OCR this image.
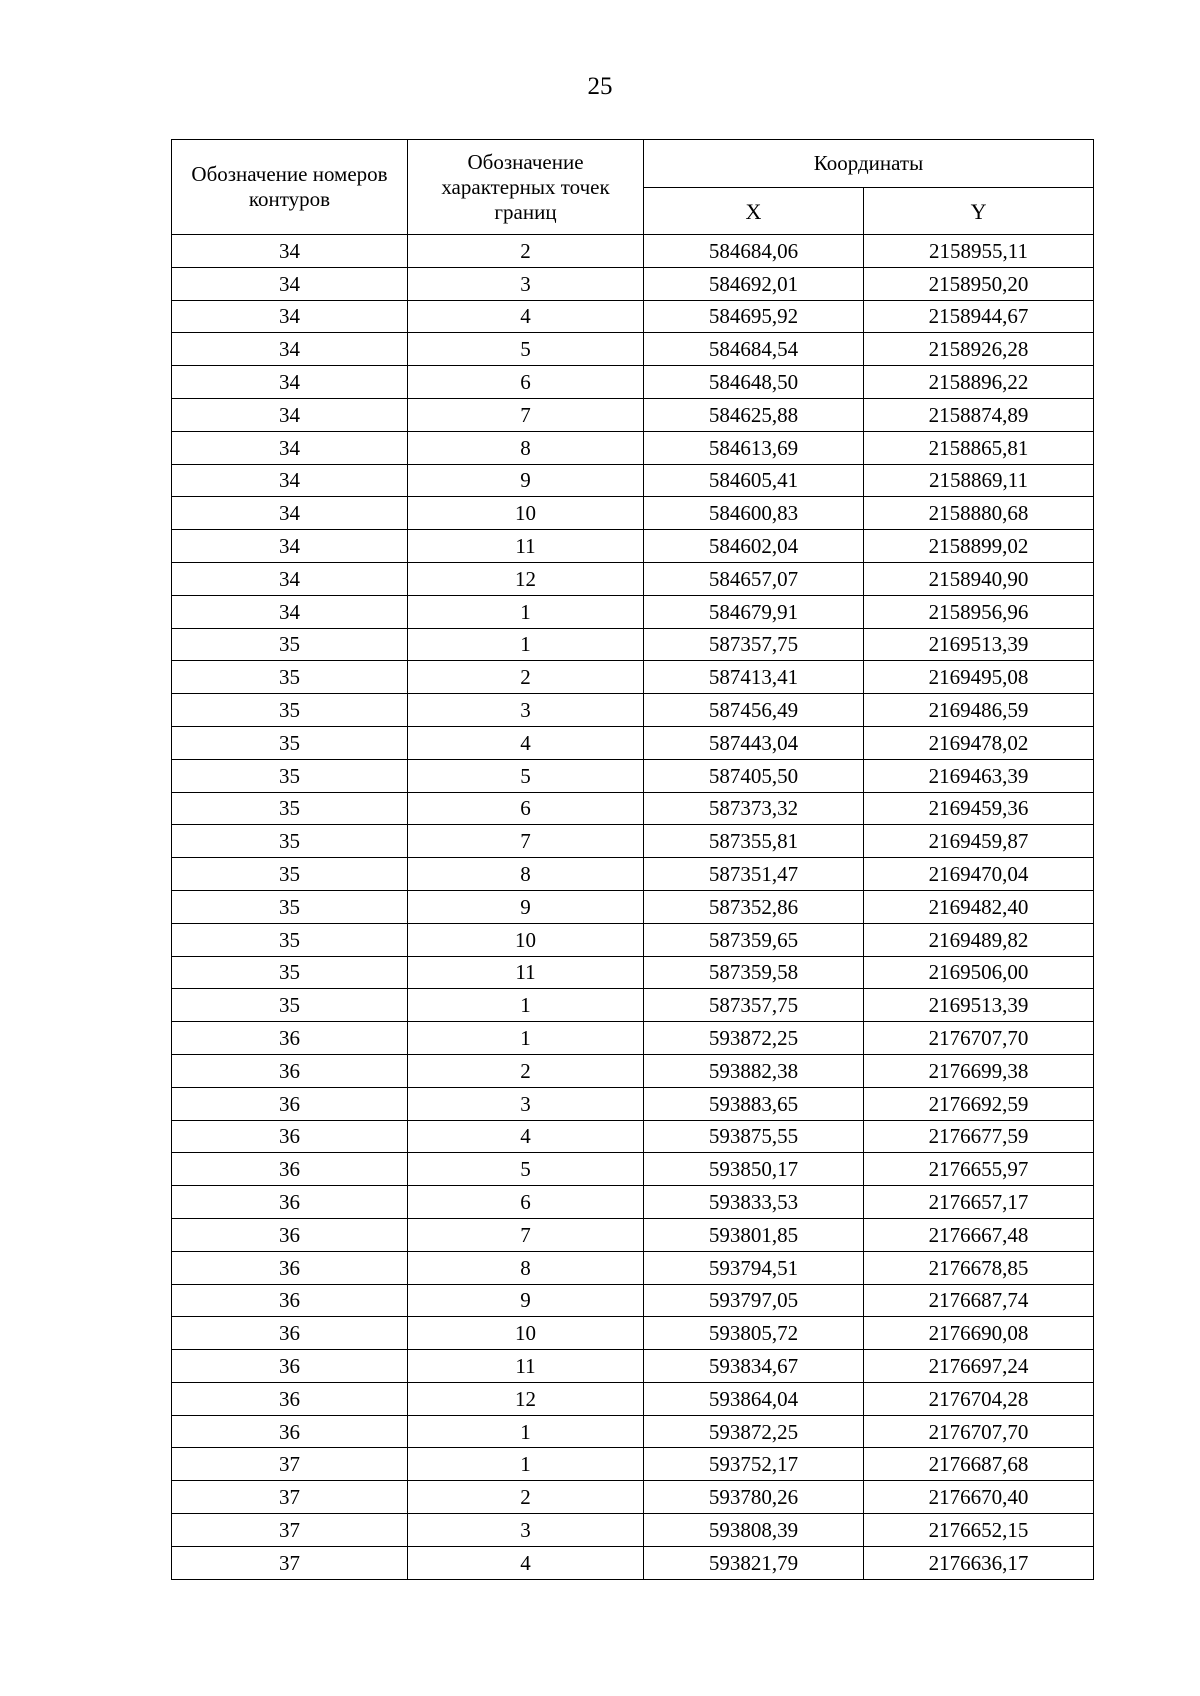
25
Обозначение номеров контуров	Обозначение характерных точек границ	Координаты	
		X	Y
34	2	584684,06	2158955,11
34	3	584692,01	2158950,20
34	4	584695,92	2158944,67
34	5	584684,54	2158926,28
34	6	584648,50	2158896,22
34	7	584625,88	2158874,89
34	8	584613,69	2158865,81
34	9	584605,41	2158869,11
34	10	584600,83	2158880,68
34	11	584602,04	2158899,02
34	12	584657,07	2158940,90
34	1	584679,91	2158956,96
35	1	587357,75	2169513,39
35	2	587413,41	2169495,08
35	3	587456,49	2169486,59
35	4	587443,04	2169478,02
35	5	587405,50	2169463,39
35	6	587373,32	2169459,36
35	7	587355,81	2169459,87
35	8	587351,47	2169470,04
35	9	587352,86	2169482,40
35	10	587359,65	2169489,82
35	11	587359,58	2169506,00
35	1	587357,75	2169513,39
36	1	593872,25	2176707,70
36	2	593882,38	2176699,38
36	3	593883,65	2176692,59
36	4	593875,55	2176677,59
36	5	593850,17	2176655,97
36	6	593833,53	2176657,17
36	7	593801,85	2176667,48
36	8	593794,51	2176678,85
36	9	593797,05	2176687,74
36	10	593805,72	2176690,08
36	11	593834,67	2176697,24
36	12	593864,04	2176704,28
36	1	593872,25	2176707,70
37	1	593752,17	2176687,68
37	2	593780,26	2176670,40
37	3	593808,39	2176652,15
37	4	593821,79	2176636,17
